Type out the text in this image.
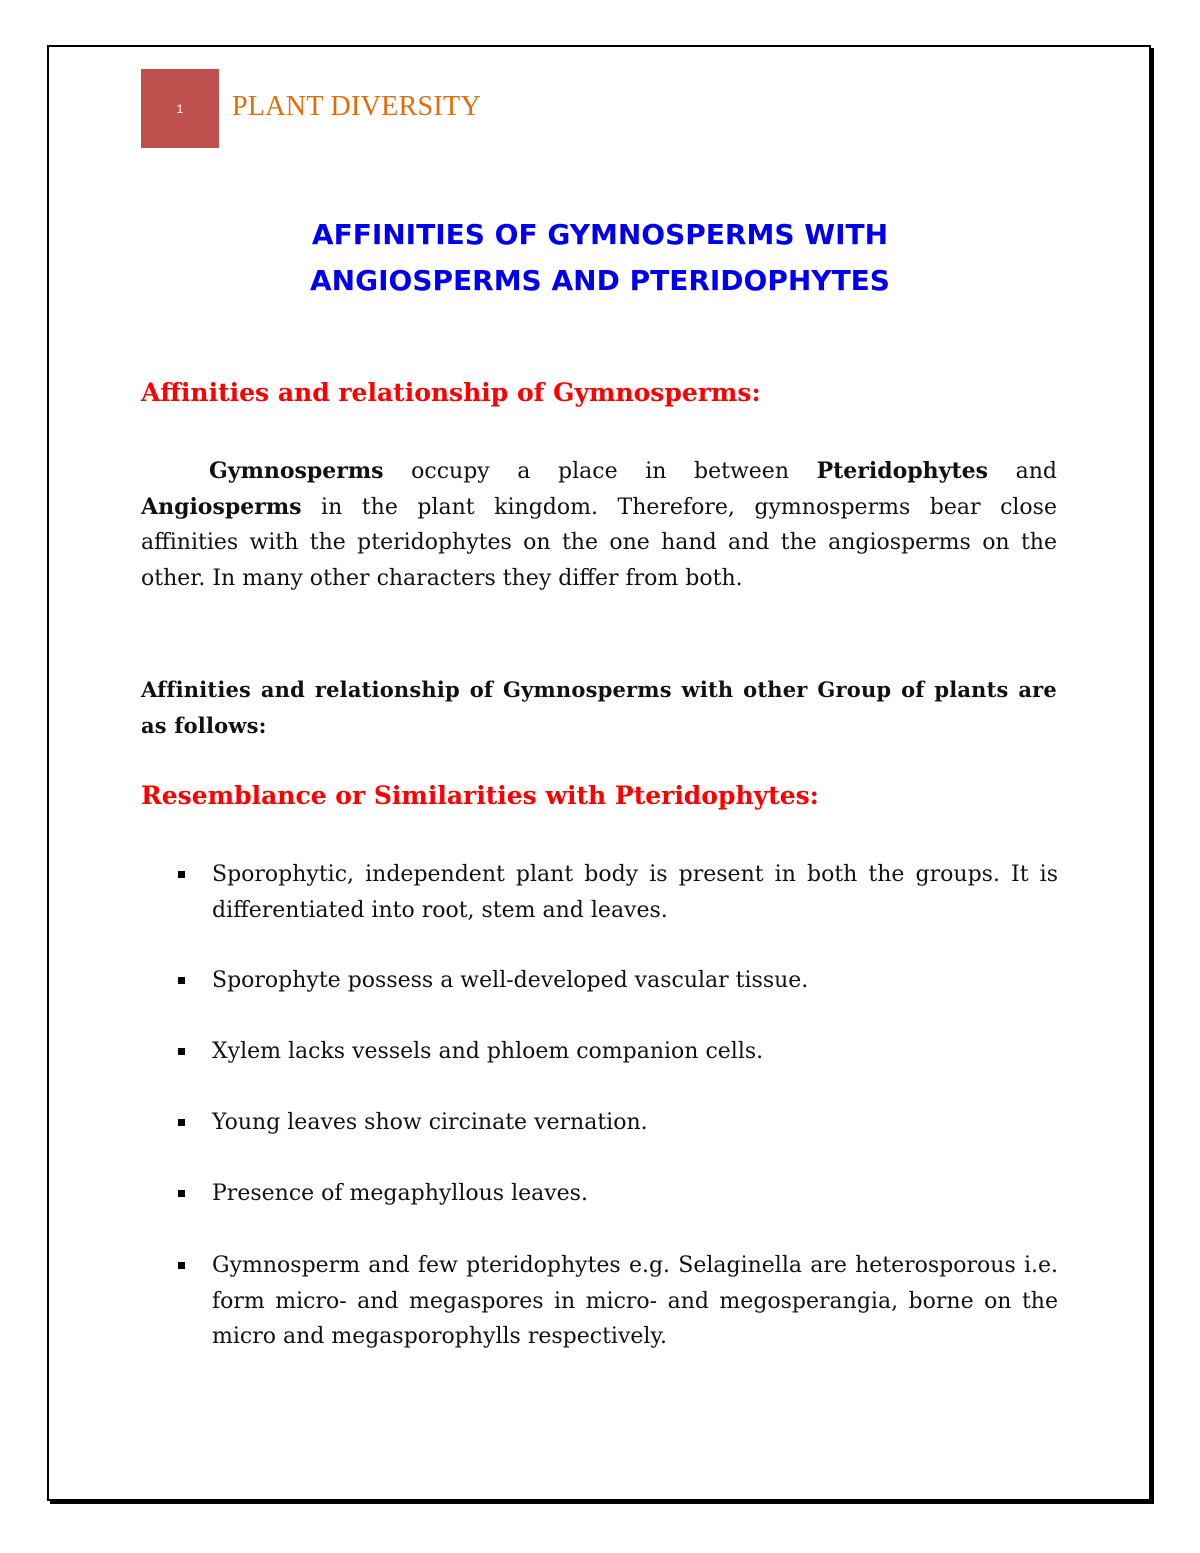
1 PLANT DIVERSITY
AFFINITIES OF GYMNOSPERMS WITH
ANGIOSPERMS AND PTERIDOPHYTES
Affinities and relationship of Gymnosperms:

Gymnosperms occupy a place in between Pteridophytes and Angiosperms in the plant kingdom. Therefore, gymnosperms bear close affinities with the pteridophytes on the one hand and the angiosperms on the other. In many other characters they differ from both.

Affinities and relationship of Gymnosperms with other Group of plants are as follows:

Resemblance or Similarities with Pteridophytes:

Sporophytic, independent plant body is present in both the groups. It is differentiated into root, stem and leaves.

Sporophyte possess a well-developed vascular tissue.

Xylem lacks vessels and phloem companion cells.

Young leaves show circinate vernation.

Presence of megaphyllous leaves.

Gymnosperm and few pteridophytes e.g. Selaginella are heterosporous i.e. form micro- and megaspores in micro- and megosperangia, borne on the micro and megasporophylls respectively.
